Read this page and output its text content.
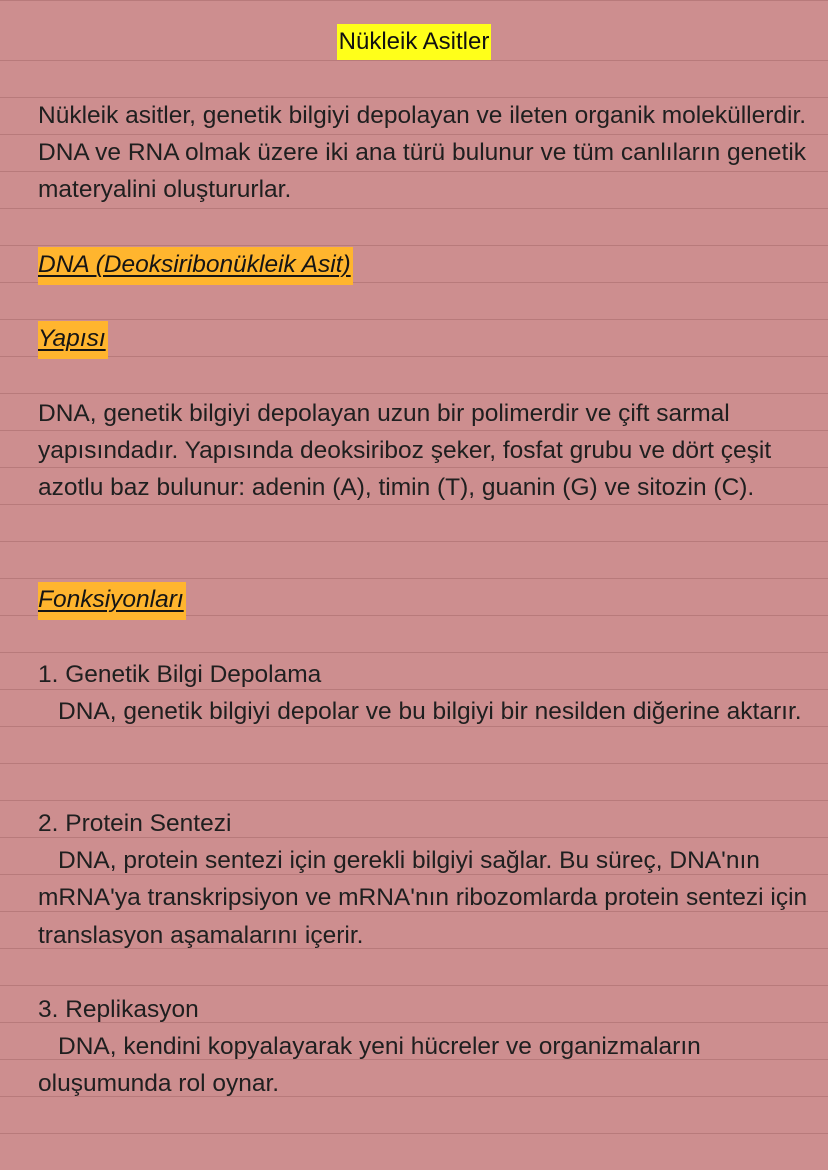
Nükleik Asitler

Nükleik asitler, genetik bilgiyi depolayan ve ileten organik moleküllerdir. DNA ve RNA olmak üzere iki ana türü bulunur ve tüm canlıların genetik materyalini oluştururlar.

DNA (Deoksiribonükleik Asit)
Yapısı

DNA, genetik bilgiyi depolayan uzun bir polimerdir ve çift sarmal yapısındadır. Yapısında deoksiriboz şeker, fosfat grubu ve dört çeşit azotlu baz bulunur: adenin (A), timin (T), guanin (G) ve sitozin (C).

Fonksiyonları
1. Genetik Bilgi Depolama
DNA, genetik bilgiyi depolar ve bu bilgiyi bir nesilden diğerine aktarır.
2. Protein Sentezi
DNA, protein sentezi için gerekli bilgiyi sağlar. Bu süreç, DNA'nın mRNA'ya transkripsiyon ve mRNA'nın ribozomlarda protein sentezi için translasyon aşamalarını içerir.
3. Replikasyon
DNA, kendini kopyalayarak yeni hücreler ve organizmaların oluşumunda rol oynar.
